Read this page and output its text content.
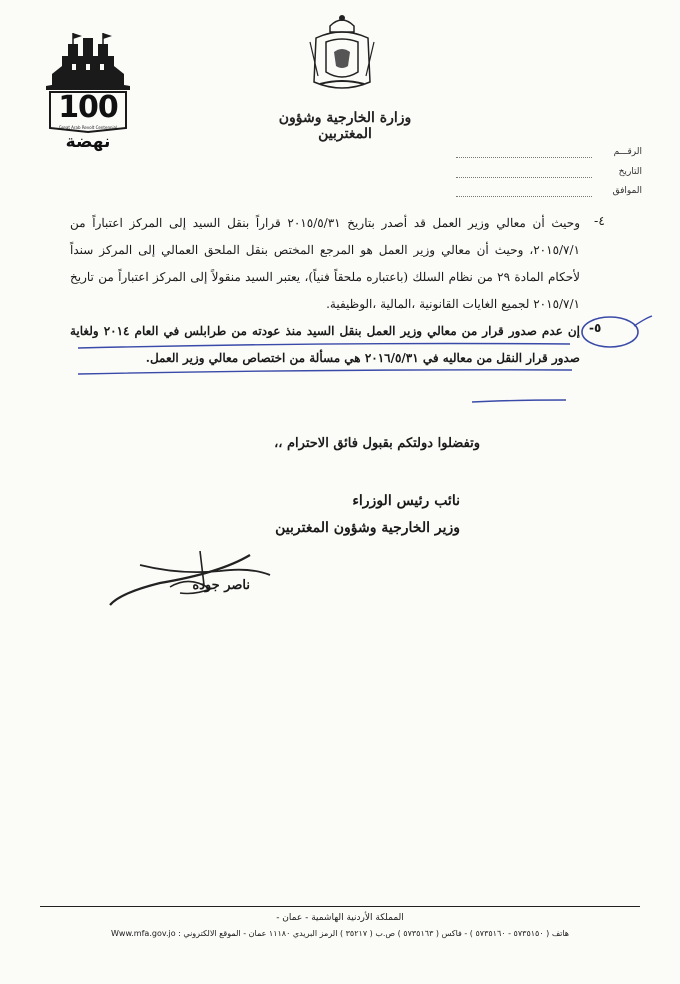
100
Great Arab Revolt Centennial
نهضة
وزارة الخارجية وشؤون المغتربين
الرقـــم
التاريخ
الموافق
-٤

وحيث أن معالي وزير العمل قد أصدر بتاريخ ٢٠١٥/٥/٣١ قراراً بنقل السيد إلى المركز اعتباراً من ٢٠١٥/٧/١، وحيث أن معالي وزير العمل هو المرجع المختص بنقل الملحق العمالي إلى المركز سنداً لأحكام المادة ٢٩ من نظام السلك (باعتباره ملحقاً فنياً)، يعتبر السيد منقولاً إلى المركز اعتباراً من تاريخ ٢٠١٥/٧/١ لجميع الغايات القانونية ،المالية ،الوظيفية.

إن عدم صدور قرار من معالي وزير العمل بنقل السيد منذ عودته من طرابلس في العام ٢٠١٤ ولغاية صدور قرار النقل من معاليه في ٢٠١٦/٥/٣١ هي مسألة من اختصاص معالي وزير العمل.

-٥
وتفضلوا دولتكم بقبول فائق الاحترام ،،
نائب رئيس الوزراء
وزير الخارجية وشؤون المغتربين
ناصر جوده
المملكة الأردنية الهاشمية - عمان -
Www.mfa.gov.jo هاتف ( ٥٧٣٥١٥٠ - ٥٧٣٥١٦٠ ) - فاكس ( ٥٧٣٥١٦٣ ) ص.ب ( ٣٥٢١٧ ) الرمز البريدي ١١١٨٠ عمان - الموقع الالكتروني :
